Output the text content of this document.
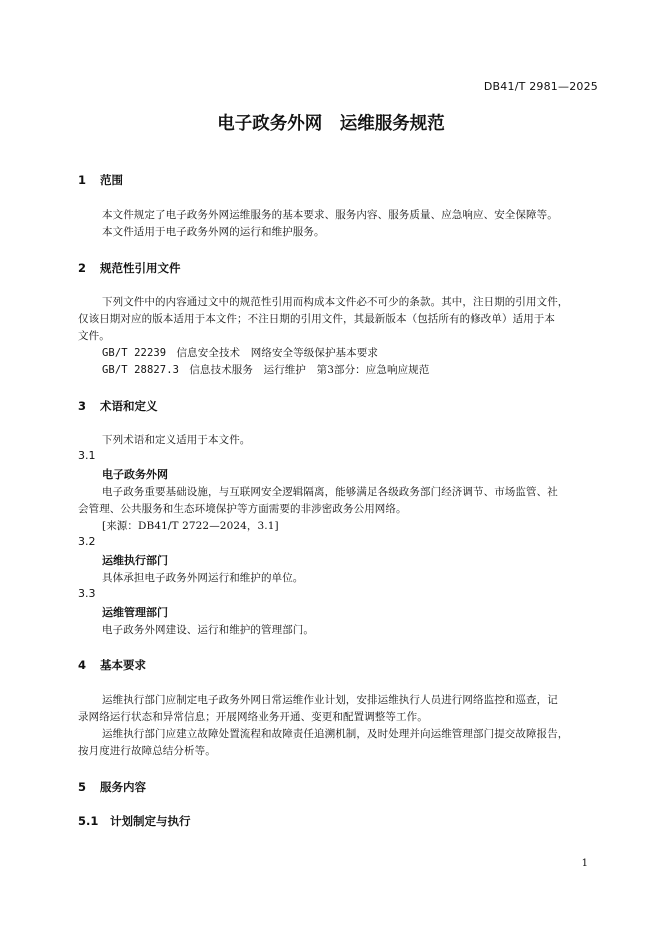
DB41/T 2981—2025
电子政务外网　运维服务规范
1 范围
本文件规定了电子政务外网运维服务的基本要求、服务内容、服务质量、应急响应、安全保障等。
本文件适用于电子政务外网的运行和维护服务。
2 规范性引用文件
下列文件中的内容通过文中的规范性引用而构成本文件必不可少的条款。其中，注日期的引用文件，
仅该日期对应的版本适用于本文件；不注日期的引用文件，其最新版本（包括所有的修改单）适用于本
文件。
GB/T 22239 信息安全技术　网络安全等级保护基本要求
GB/T 28827.3 信息技术服务　运行维护　第3部分：应急响应规范
3 术语和定义
下列术语和定义适用于本文件。
3.1
电子政务外网
电子政务重要基础设施，与互联网安全逻辑隔离，能够满足各级政务部门经济调节、市场监管、社
会管理、公共服务和生态环境保护等方面需要的非涉密政务公用网络。
[来源：DB41/T 2722—2024，3.1]
3.2
运维执行部门
具体承担电子政务外网运行和维护的单位。
3.3
运维管理部门
电子政务外网建设、运行和维护的管理部门。
4 基本要求
运维执行部门应制定电子政务外网日常运维作业计划，安排运维执行人员进行网络监控和巡查，记
录网络运行状态和异常信息；开展网络业务开通、变更和配置调整等工作。
运维执行部门应建立故障处置流程和故障责任追溯机制，及时处理并向运维管理部门提交故障报告，
按月度进行故障总结分析等。
5 服务内容
5.1 计划制定与执行
1
